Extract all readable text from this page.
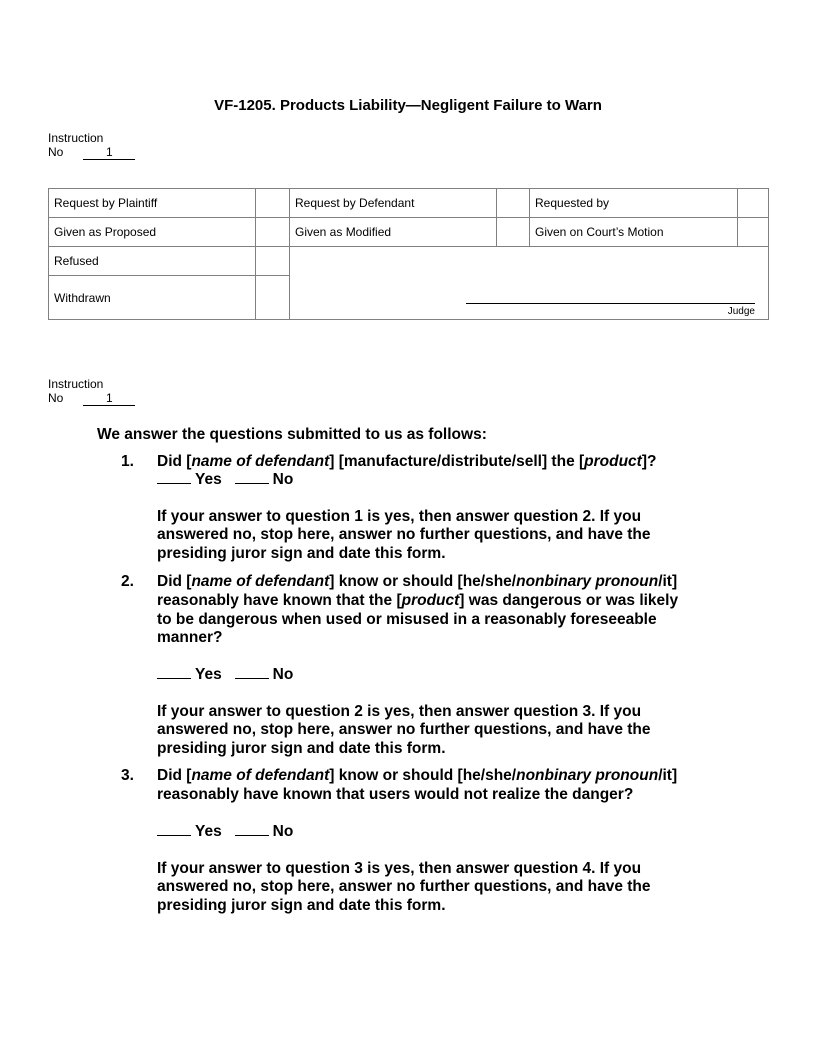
VF-1205. Products Liability—Negligent Failure to Warn
Instruction
No	1
Request by Plaintiff		Request by Defendant		Requested by	
Given as Proposed		Given as Modified		Given on Court’s Motion	
Refused		Judge			

Withdrawn					
Instruction
No	1
We answer the questions submitted to us as follows:
1. Did [name of defendant] [manufacture/distribute/sell] the [product]?
Yes	No
If your answer to question 1 is yes, then answer question 2. If you
answered no, stop here, answer no further questions, and have the
presiding juror sign and date this form.
2. Did [name of defendant] know or should [he/she/nonbinary pronoun/it]
reasonably have known that the [product] was dangerous or was likely
to be dangerous when used or misused in a reasonably foreseeable
manner?
Yes	No
If your answer to question 2 is yes, then answer question 3. If you
answered no, stop here, answer no further questions, and have the
presiding juror sign and date this form.
3. Did [name of defendant] know or should [he/she/nonbinary pronoun/it]
reasonably have known that users would not realize the danger?
Yes	No
If your answer to question 3 is yes, then answer question 4. If you
answered no, stop here, answer no further questions, and have the
presiding juror sign and date this form.
